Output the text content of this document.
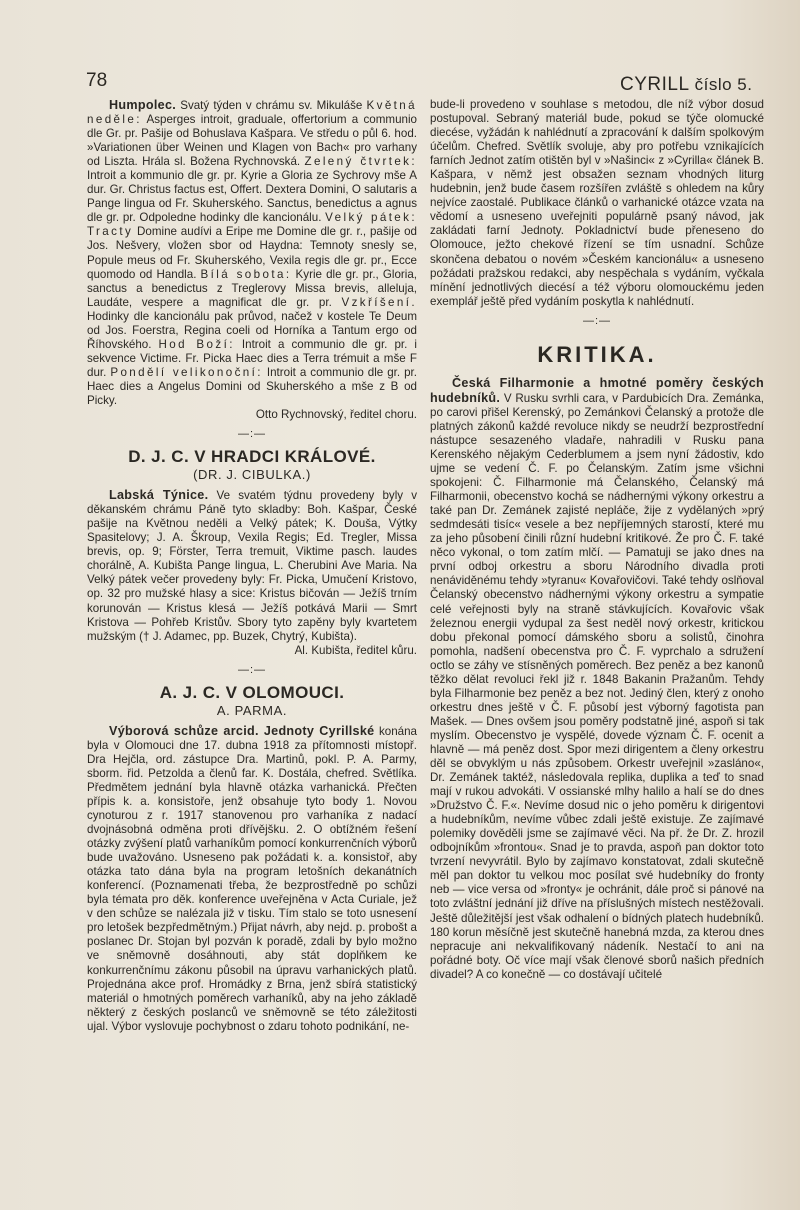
78	CYRILL číslo 5.

Humpolec. Svatý týden v chrámu sv. Mikuláše Květná neděle: Asperges introit, graduale, offertorium a communio dle Gr. pr. Pašije od Bohuslava Kašpara. Ve středu o půl 6. hod. »Variationen über Weinen und Klagen von Bach« pro varhany od Liszta. Hrála sl. Božena Rychnovská. Zelený čtvrtek: Introit a kommunio dle gr. pr. Kyrie a Gloria ze Sychrovy mše A dur. Gr. Christus factus est, Offert. Dextera Domini, O salutaris a Pange lingua od Fr. Skuherského. Sanctus, benedictus a agnus dle gr. pr. Odpoledne hodinky dle kancionálu. Velký pátek: Tracty Domine audívi a Eripe me Domine dle gr. r., pašije od Jos. Nešvery, vložen sbor od Haydna: Temnoty snesly se, Popule meus od Fr. Skuherského, Vexila regis dle gr. pr., Ecce quomodo od Handla. Bílá sobota: Kyrie dle gr. pr., Gloria, sanctus a benedictus z Treglerovy Missa brevis, alleluja, Laudáte, vespere a magnificat dle gr. pr. Vzkříšení. Hodinky dle kancionálu pak průvod, načež v kostele Te Deum od Jos. Foerstra, Regina coeli od Horníka a Tantum ergo od Říhovského. Hod Boží: Introit a communio dle gr. pr. i sekvence Victime. Fr. Picka Haec dies a Terra trémuit a mše F dur. Pondělí velikonoční: Introit a communio dle gr. pr. Haec dies a Angelus Domini od Skuherského a mše z B od Picky.
Otto Rychnovský, ředitel choru.

—:—
D. J. C. V HRADCI KRÁLOVÉ.
(DR. J. CIBULKA.)

Labská Týnice. Ve svatém týdnu provedeny byly v děkanském chrámu Páně tyto skladby: Boh. Kašpar, České pašije na Květnou neděli a Velký pátek; K. Douša, Výtky Spasitelovy; J. A. Škroup, Vexila Regis; Ed. Tregler, Missa brevis, op. 9; Förster, Terra tremuit, Viktime pasch. laudes chorálně, A. Kubišta Pange lingua, L. Cherubini Ave Maria. Na Velký pátek večer provedeny byly: Fr. Picka, Umučení Kristovo, op. 32 pro mužské hlasy a sice: Kristus bičován — Ježíš trním korunován — Kristus klesá — Ježíš potkává Marii — Smrt Kristova — Pohřeb Kristův. Sbory tyto zapěny byly kvartetem mužským († J. Adamec, pp. Buzek, Chytrý, Kubišta).
Al. Kubišta, ředitel kůru.

—:—
A. J. C. V OLOMOUCI.
A. PARMA.

Výborová schůze arcid. Jednoty Cyrillské konána byla v Olomouci dne 17. dubna 1918 za přítomnosti místopř. Dra Hejčla, ord. zástupce Dra. Martinů, pokl. P. A. Parmy, sborm. řid. Petzolda a členů far. K. Dostála, chefred. Světlíka. Předmětem jednání byla hlavně otázka varhanická. Přečten přípis k. a. konsistoře, jenž obsahuje tyto body 1. Novou cynoturou z r. 1917 stanovenou pro varhaníka z nadací dvojnásobná odměna proti dřívějšku. 2. O obtížném řešení otázky zvýšení platů varhaníkům pomocí konkurrenčních výborů bude uvažováno. Usneseno pak požádati k. a. konsistoř, aby otázka tato dána byla na program letošních dekanátních konferencí. (Poznamenati třeba, že bezprostředně po schůzi byla témata pro děk. konference uveřejněna v Acta Curiale, jež v den schůze se nalézala již v tisku. Tím stalo se toto usnesení pro letošek bezpředmětným.) Přijat návrh, aby nejd. p. probošt a poslanec Dr. Stojan byl pozván k poradě, zdali by bylo možno ve sněmovně dosáhnouti, aby stát doplňkem ke konkurrenčnímu zákonu působil na úpravu varhanických platů. Projednána akce prof. Hromádky z Brna, jenž sbírá statistický materiál o hmotných poměrech varhaníků, aby na jeho základě některý z českých poslanců ve sněmovně se této záležitosti ujal. Výbor vyslovuje pochybnost o zdaru tohoto podnikání, ne-

bude-li provedeno v souhlase s metodou, dle níž výbor dosud postupoval. Sebraný materiál bude, pokud se týče olomucké diecése, vyžádán k nahlédnutí a zpracování k dalším spolkovým účelům. Chefred. Světlík svoluje, aby pro potřebu vznikajících farních Jednot zatím otištěn byl v »Našinci« z »Cyrilla« článek B. Kašpara, v němž jest obsažen seznam vhodných liturg hudebnin, jenž bude časem rozšířen zvláště s ohledem na kůry nejvíce zaostalé. Publikace článků o varhanické otázce vzata na vědomí a usneseno uveřejniti populárně psaný návod, jak zakládati farní Jednoty. Pokladnictví bude přeneseno do Olomouce, ježto chekové řízení se tím usnadní. Schůze skončena debatou o novém »Českém kancionálu« a usneseno požádati pražskou redakci, aby nespěchala s vydáním, vyčkala mínění jednotlivých diecésí a též výboru olomouckému jeden exemplář ještě před vydáním poskytla k nahlédnutí.

—:—
KRITIKA.

Česká Filharmonie a hmotné poměry českých hudebníků. V Rusku svrhli cara, v Pardubicích Dra. Zemánka, po carovi přišel Kerenský, po Zemánkovi Čelanský a protože dle platných zákonů každé revoluce nikdy se neudrží bezprostřední nástupce sesazeného vladaře, nahradili v Rusku pana Kerenského nějakým Cederblumem a jsem nyní žádostiv, kdo ujme se vedení Č. F. po Čelanským. Zatím jsme všichni spokojeni: Č. Filharmonie má Čelanského, Čelanský má Filharmonii, obecenstvo kochá se nádhernými výkony orkestru a také pan Dr. Zemánek zajisté nepláče, žije z vydělaných »prý sedmdesáti tisíc« vesele a bez nepříjemných starostí, které mu za jeho působení činili různí hudební kritikové. Že pro Č. F. také něco vykonal, o tom zatím mlčí. — Pamatuji se jako dnes na první odboj orkestru a sboru Národního divadla proti nenáviděnému tehdy »tyranu« Kovařovičovi. Také tehdy oslňoval Čelanský obecenstvo nádhernými výkony orkestru a sympatie celé veřejnosti byly na straně stávkujících. Kovařovic však železnou energii vydupal za šest neděl nový orkestr, kritickou dobu překonal pomocí dámského sboru a solistů, činohra pomohla, nadšení obecenstva pro Č. F. vyprchalo a sdružení octlo se záhy ve stísněných poměrech. Bez peněz a bez kanonů těžko dělat revoluci řekl již r. 1848 Bakanin Pražanům. Tehdy byla Filharmonie bez peněz a bez not. Jediný člen, který z onoho orkestru dnes ještě v Č. F. působí jest výborný fagotista pan Mašek. — Dnes ovšem jsou poměry podstatně jiné, aspoň si tak myslím. Obecenstvo je vyspělé, dovede význam Č. F. ocenit a hlavně — má peněz dost. Spor mezi dirigentem a členy orkestru děl se obvyklým u nás způsobem. Orkestr uveřejnil »zasláno«, Dr. Zemánek taktéž, následovala replika, duplika a teď to snad mají v rukou advokáti. V ossianské mlhy halilo a halí se do dnes »Družstvo Č. F.«. Nevíme dosud nic o jeho poměru k dirigentovi a hudebníkům, nevíme vůbec zdali ještě existuje. Ze zajímavé polemiky dověděli jsme se zajímavé věci. Na př. že Dr. Z. hrozil odbojníkům »frontou«. Snad je to pravda, aspoň pan doktor toto tvrzení nevyvrátil. Bylo by zajímavo konstatovat, zdali skutečně měl pan doktor tu velkou moc posílat své hudebníky do fronty neb — vice versa od »fronty« je ochránit, dále proč si pánové na toto zvláštní jednání již dříve na příslušných místech nestěžovali. Ještě důležitější jest však odhalení o bídných platech hudebníků. 180 korun měsíčně jest skutečně hanebná mzda, za kterou dnes nepracuje ani nekvalifikovaný nádeník. Nestačí to ani na pořádné boty. Oč více mají však členové sborů našich předních divadel? A co konečně — co dostávají učitelé
